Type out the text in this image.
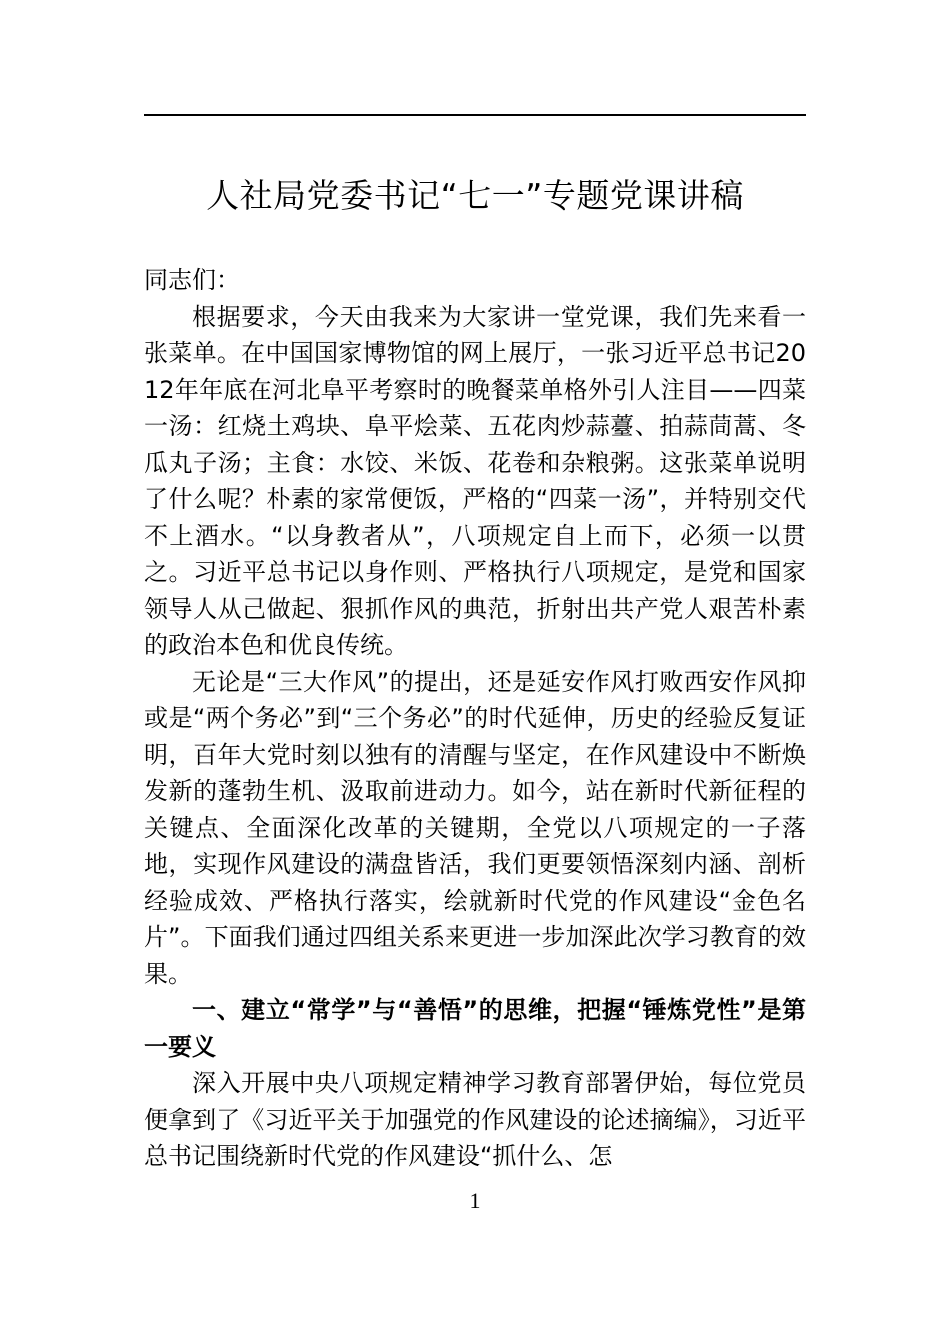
人社局党委书记“七一”专题党课讲稿

同志们：

根据要求，今天由我来为大家讲一堂党课，我们先来看一张菜单。在中国国家博物馆的网上展厅，一张习近平总书记2012年年底在河北阜平考察时的晚餐菜单格外引人注目——四菜一汤：红烧土鸡块、阜平烩菜、五花肉炒蒜薹、拍蒜茼蒿、冬瓜丸子汤；主食：水饺、米饭、花卷和杂粮粥。这张菜单说明了什么呢？朴素的家常便饭，严格的“四菜一汤”，并特别交代不上酒水。“以身教者从”，八项规定自上而下，必须一以贯之。习近平总书记以身作则、严格执行八项规定，是党和国家领导人从己做起、狠抓作风的典范，折射出共产党人艰苦朴素的政治本色和优良传统。

无论是“三大作风”的提出，还是延安作风打败西安作风抑或是“两个务必”到“三个务必”的时代延伸，历史的经验反复证明，百年大党时刻以独有的清醒与坚定，在作风建设中不断焕发新的蓬勃生机、汲取前进动力。如今，站在新时代新征程的关键点、全面深化改革的关键期，全党以八项规定的一子落地，实现作风建设的满盘皆活，我们更要领悟深刻内涵、剖析经验成效、严格执行落实，绘就新时代党的作风建设“金色名片”。下面我们通过四组关系来更进一步加深此次学习教育的效果。

一、建立“常学”与“善悟”的思维，把握“锤炼党性”是第一要义

深入开展中央八项规定精神学习教育部署伊始，每位党员便拿到了《习近平关于加强党的作风建设的论述摘编》，习近平总书记围绕新时代党的作风建设“抓什么、怎

1
